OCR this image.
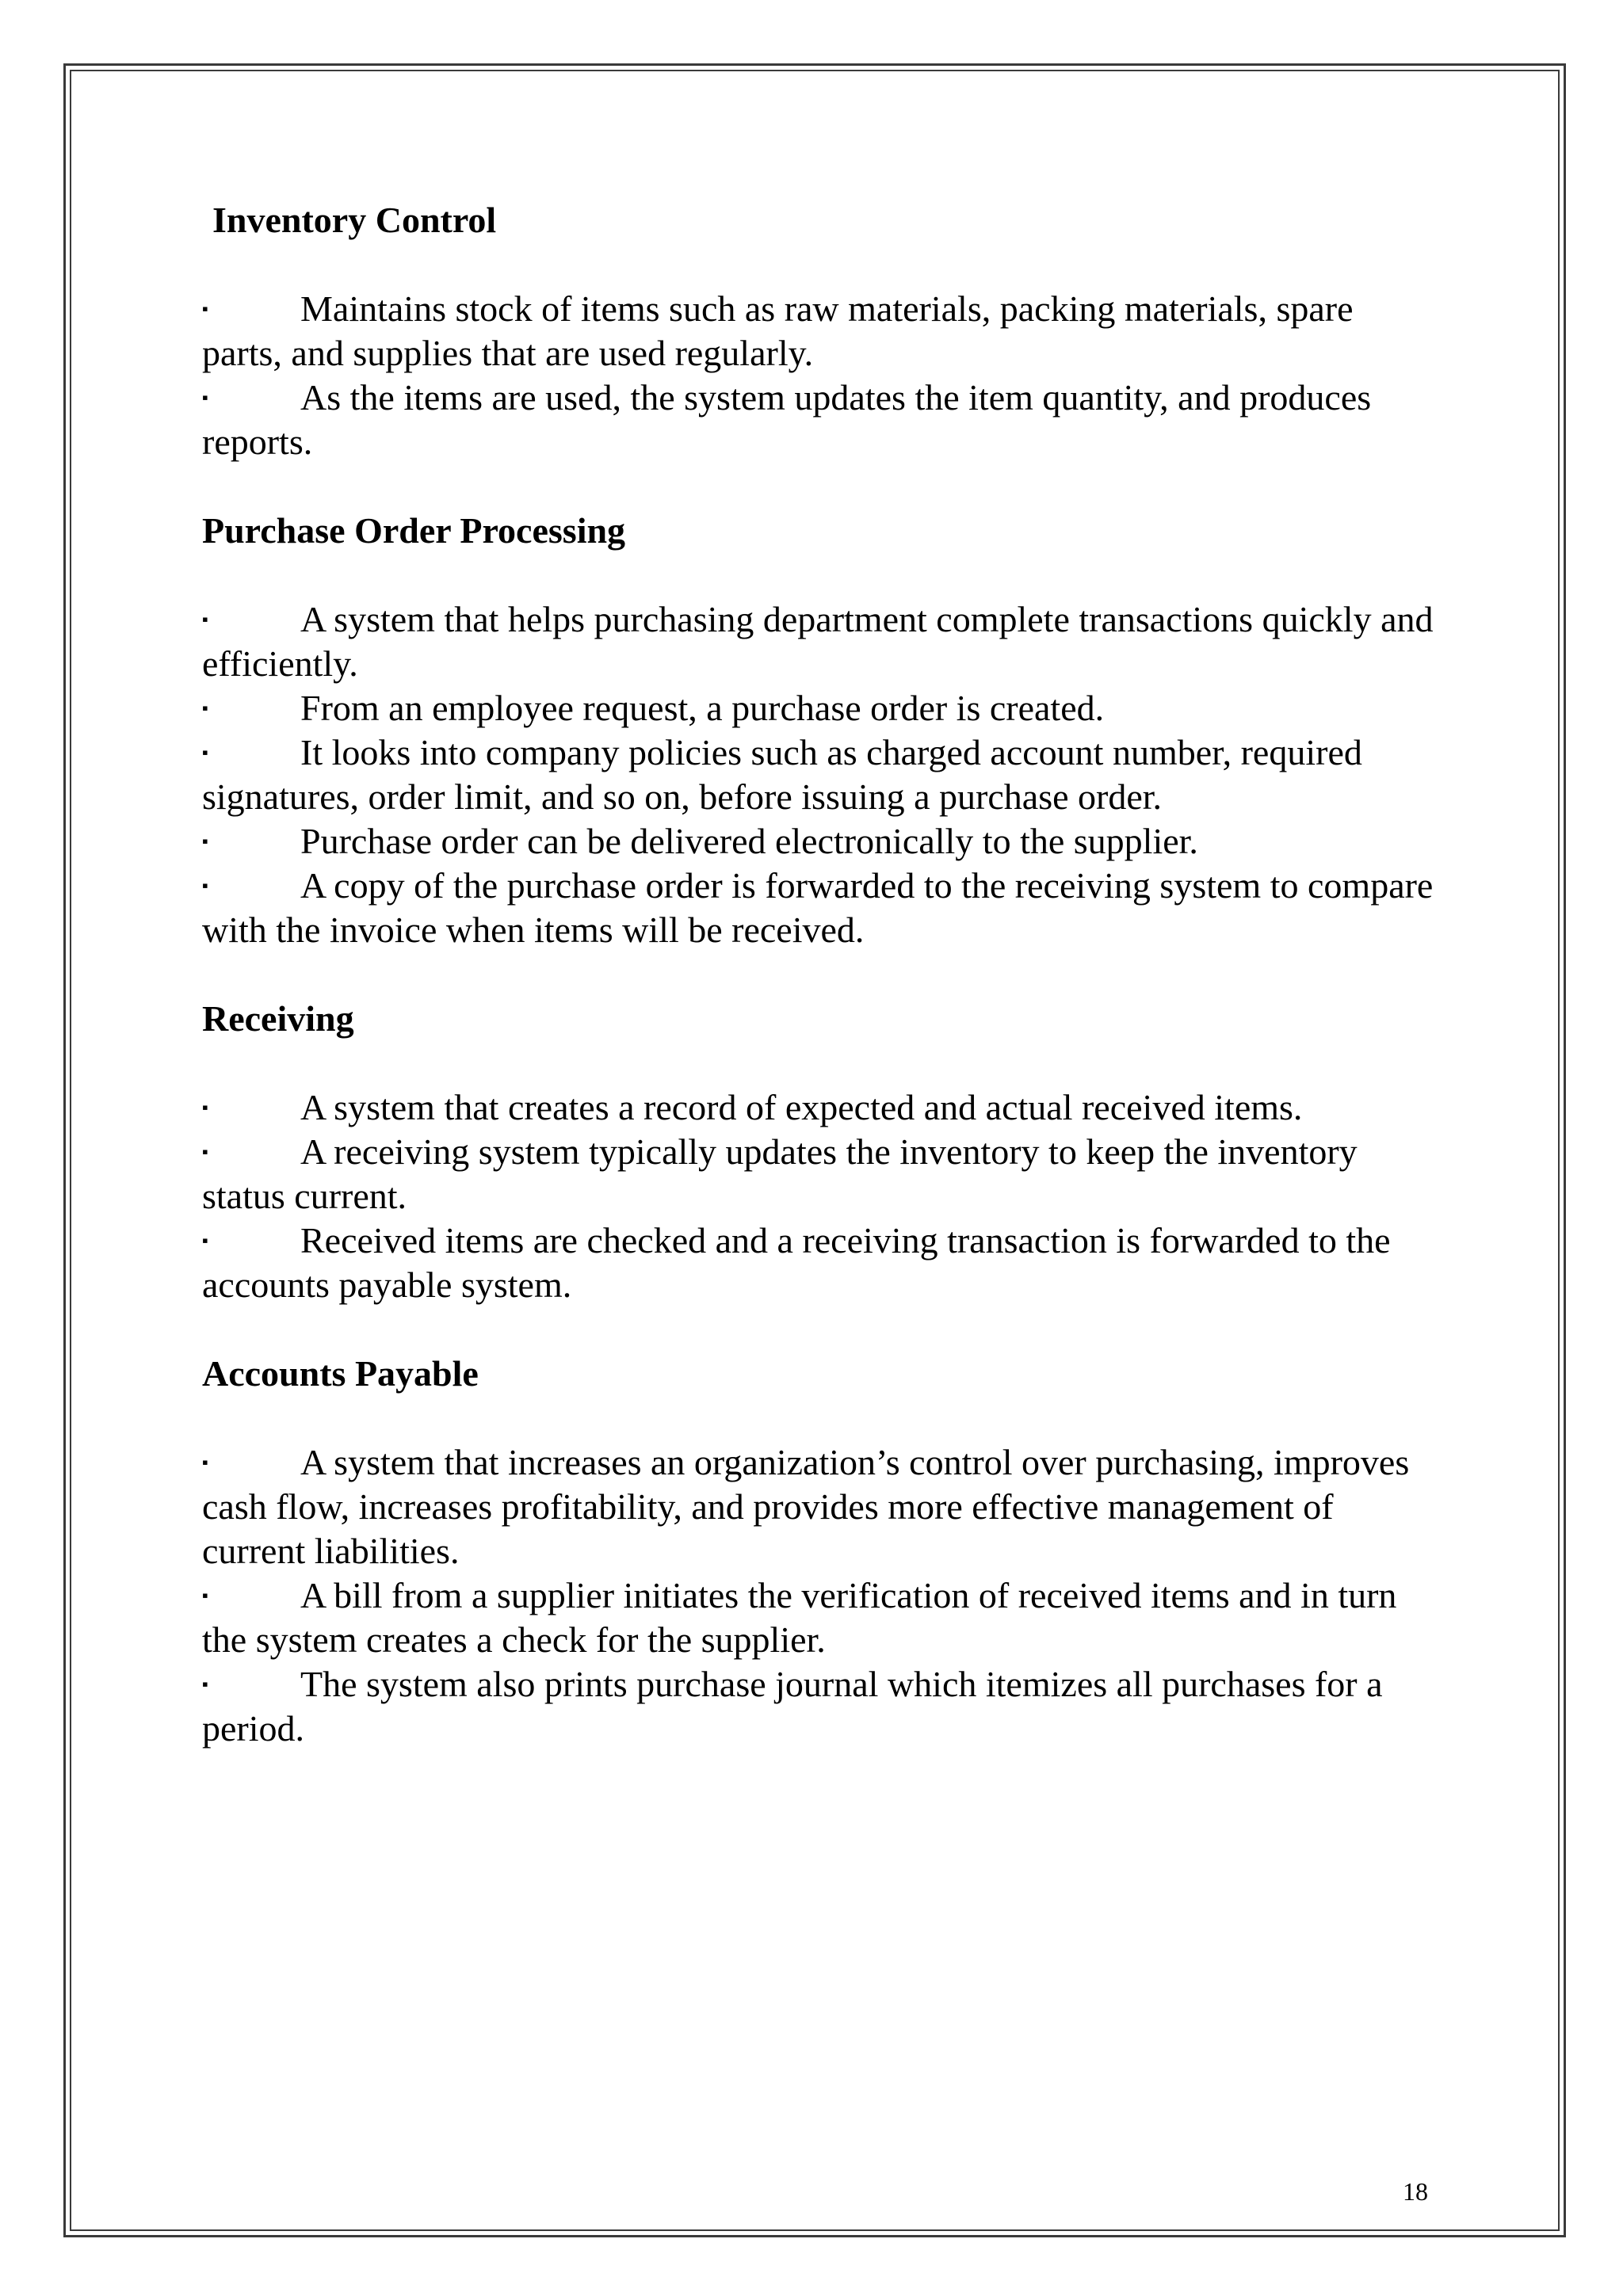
Inventory Control

▪	Maintains stock of items such as raw materials, packing materials, spare parts, and supplies that are used regularly.

▪	As the items are used, the system updates the item quantity, and produces reports.

Purchase Order Processing

▪	A system that helps purchasing department complete transactions quickly and efficiently.

▪	From an employee request, a purchase order is created.

▪	It looks into company policies such as charged account number, required signatures, order limit, and so on, before issuing a purchase order.

▪	Purchase order can be delivered electronically to the supplier.

▪	A copy of the purchase order is forwarded to the receiving system to compare with the invoice when items will be received.

Receiving

▪	A system that creates a record of expected and actual received items.

▪	A receiving system typically updates the inventory to keep the inventory status current.

▪	Received items are checked and a receiving transaction is forwarded to the accounts payable system.

Accounts Payable

▪	A system that increases an organization’s control over purchasing, improves cash flow, increases profitability, and provides more effective management of current liabilities.

▪	A bill from a supplier initiates the verification of received items and in turn the system creates a check for the supplier.

▪	The system also prints purchase journal which itemizes all purchases for a period.

18
